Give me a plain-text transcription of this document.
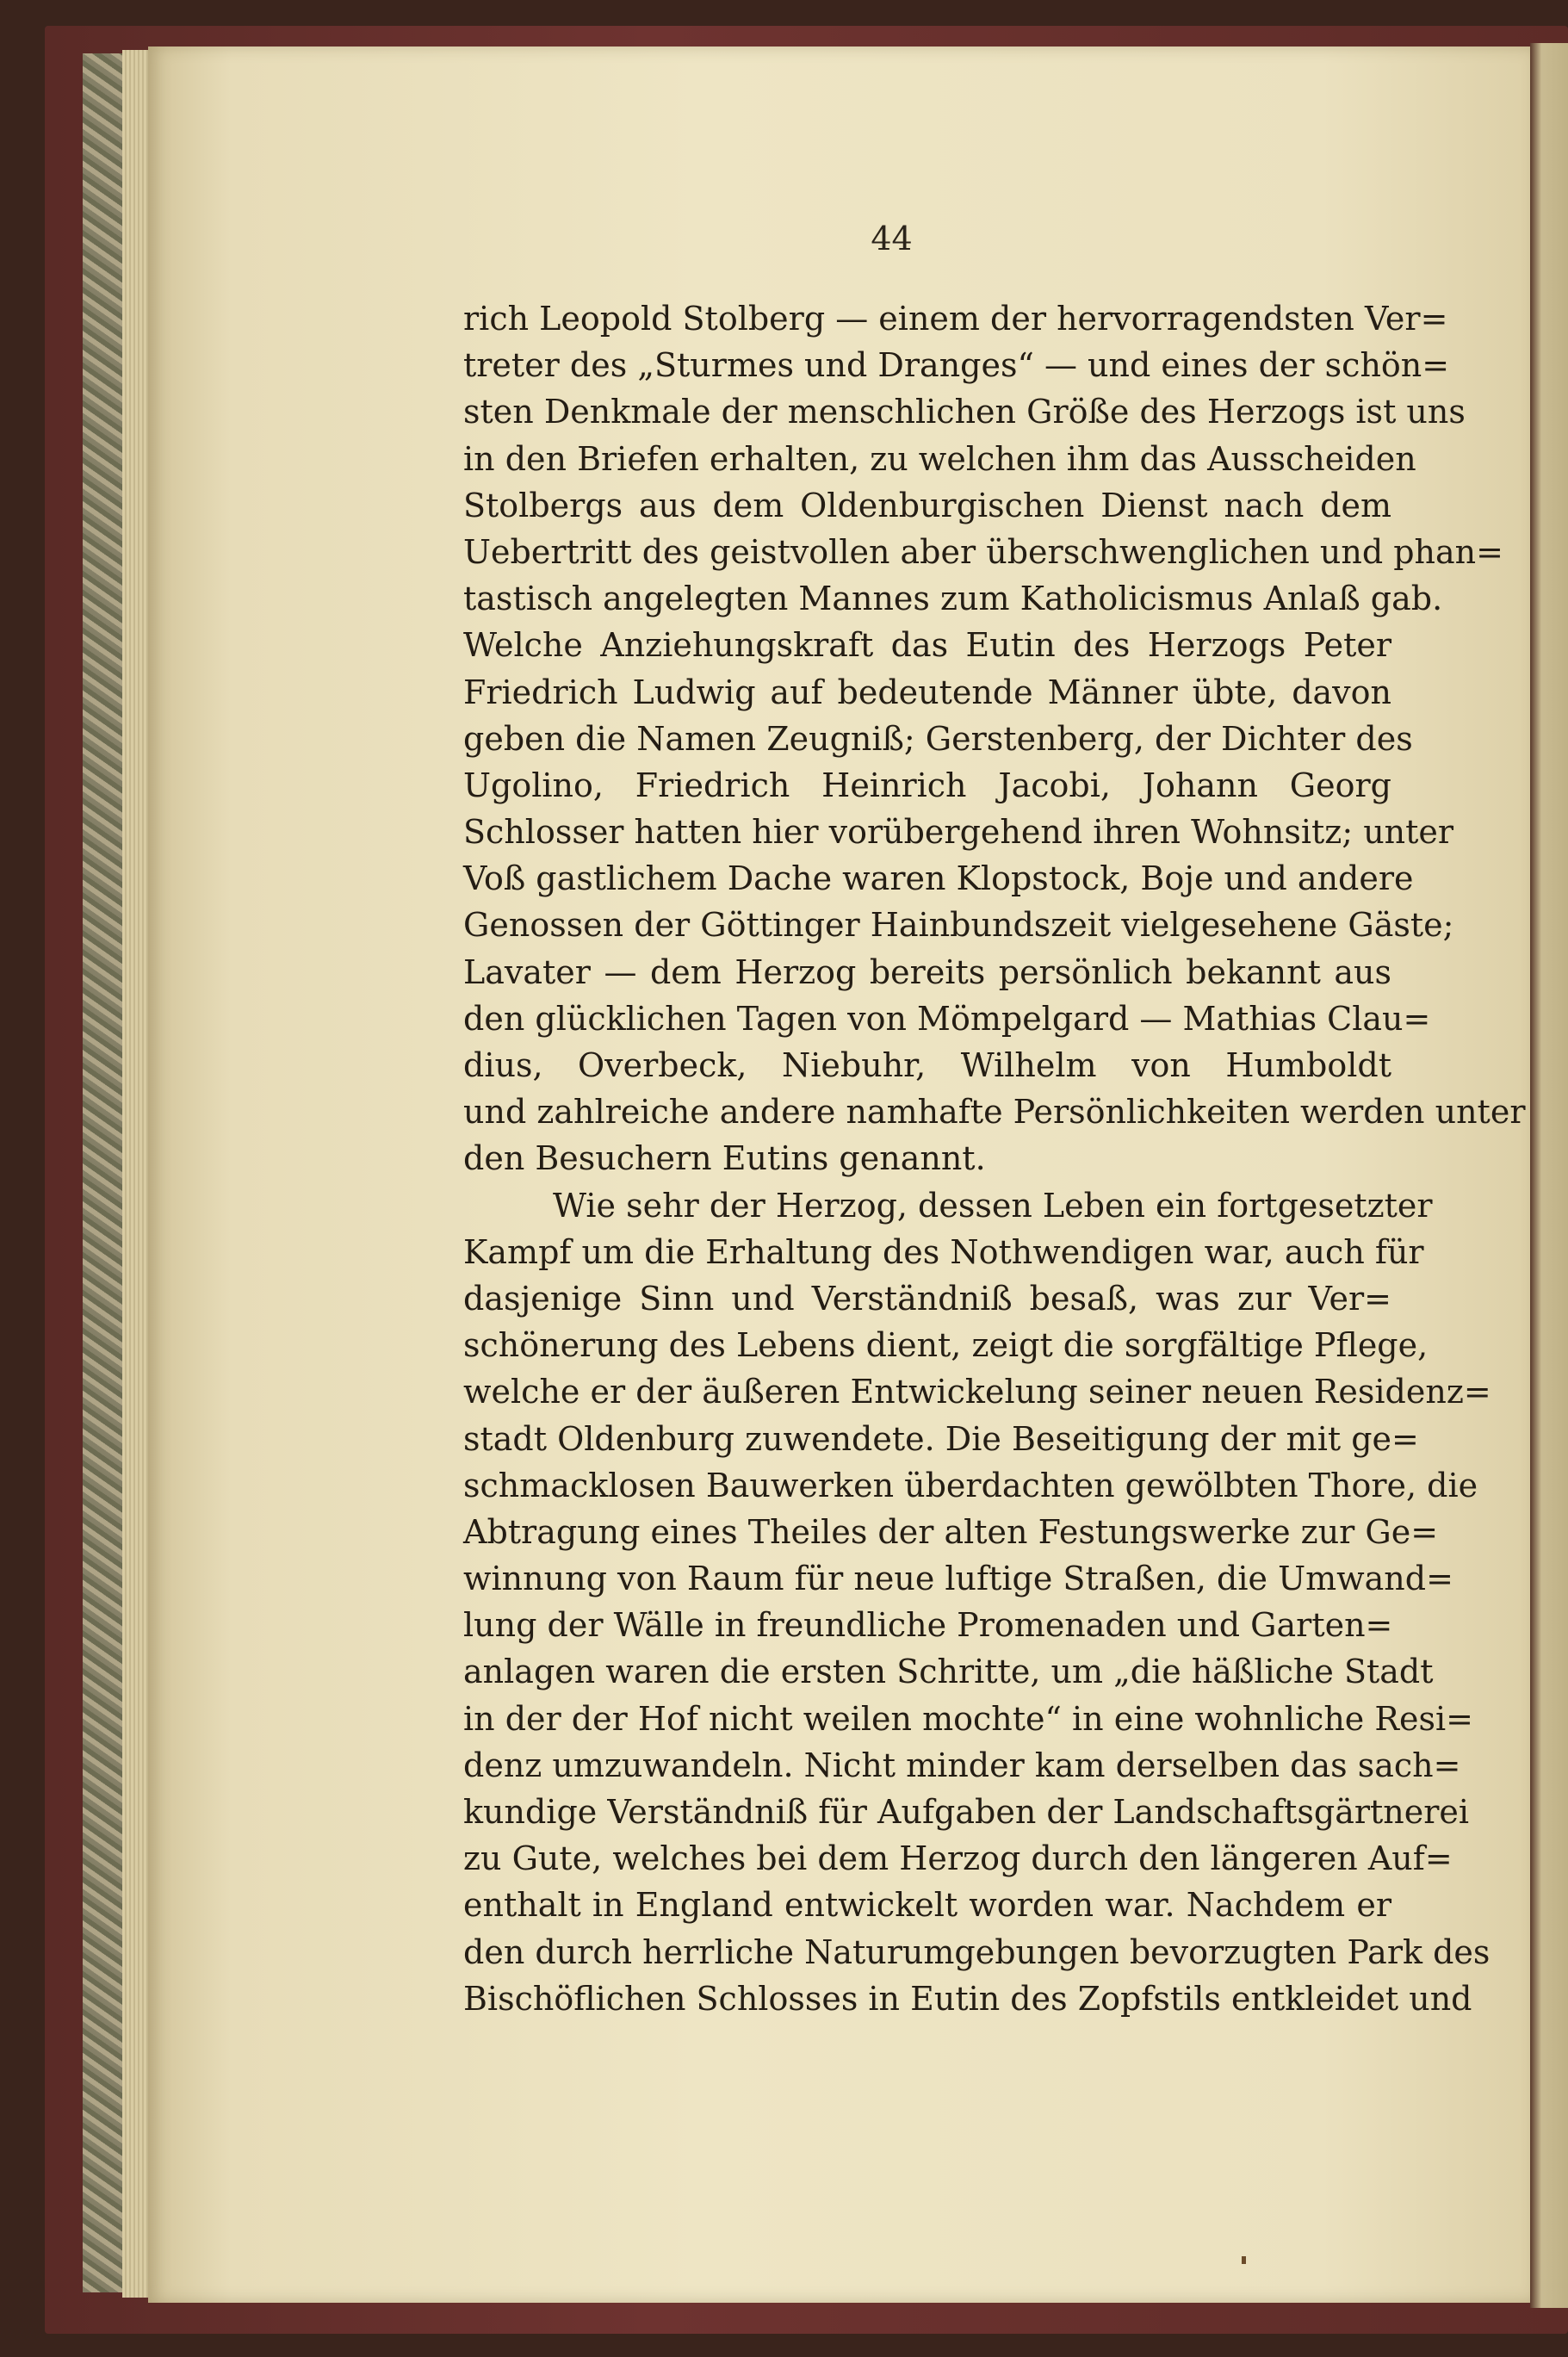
44
rich Leopold Stolberg — einem der hervorragendsten Ver=
treter des „Sturmes und Dranges“ — und eines der schön=
sten Denkmale der menschlichen Größe des Herzogs ist uns
in den Briefen erhalten, zu welchen ihm das Ausscheiden
Stolbergs aus dem Oldenburgischen Dienst nach dem
Uebertritt des geistvollen aber überschwenglichen und phan=
tastisch angelegten Mannes zum Katholicismus Anlaß gab.
Welche Anziehungskraft das Eutin des Herzogs Peter
Friedrich Ludwig auf bedeutende Männer übte, davon
geben die Namen Zeugniß; Gerstenberg, der Dichter des
Ugolino, Friedrich Heinrich Jacobi, Johann Georg
Schlosser hatten hier vorübergehend ihren Wohnsitz; unter
Voß gastlichem Dache waren Klopstock, Boje und andere
Genossen der Göttinger Hainbundszeit vielgesehene Gäste;
Lavater — dem Herzog bereits persönlich bekannt aus
den glücklichen Tagen von Mömpelgard — Mathias Clau=
dius, Overbeck, Niebuhr, Wilhelm von Humboldt
und zahlreiche andere namhafte Persönlichkeiten werden unter
den Besuchern Eutins genannt.
Wie sehr der Herzog, dessen Leben ein fortgesetzter
Kampf um die Erhaltung des Nothwendigen war, auch für
dasjenige Sinn und Verständniß besaß, was zur Ver=
schönerung des Lebens dient, zeigt die sorgfältige Pflege,
welche er der äußeren Entwickelung seiner neuen Residenz=
stadt Oldenburg zuwendete. Die Beseitigung der mit ge=
schmacklosen Bauwerken überdachten gewölbten Thore, die
Abtragung eines Theiles der alten Festungswerke zur Ge=
winnung von Raum für neue luftige Straßen, die Umwand=
lung der Wälle in freundliche Promenaden und Garten=
anlagen waren die ersten Schritte, um „die häßliche Stadt
in der der Hof nicht weilen mochte“ in eine wohnliche Resi=
denz umzuwandeln. Nicht minder kam derselben das sach=
kundige Verständniß für Aufgaben der Landschaftsgärtnerei
zu Gute, welches bei dem Herzog durch den längeren Auf=
enthalt in England entwickelt worden war. Nachdem er
den durch herrliche Naturumgebungen bevorzugten Park des
Bischöflichen Schlosses in Eutin des Zopfstils entkleidet und
